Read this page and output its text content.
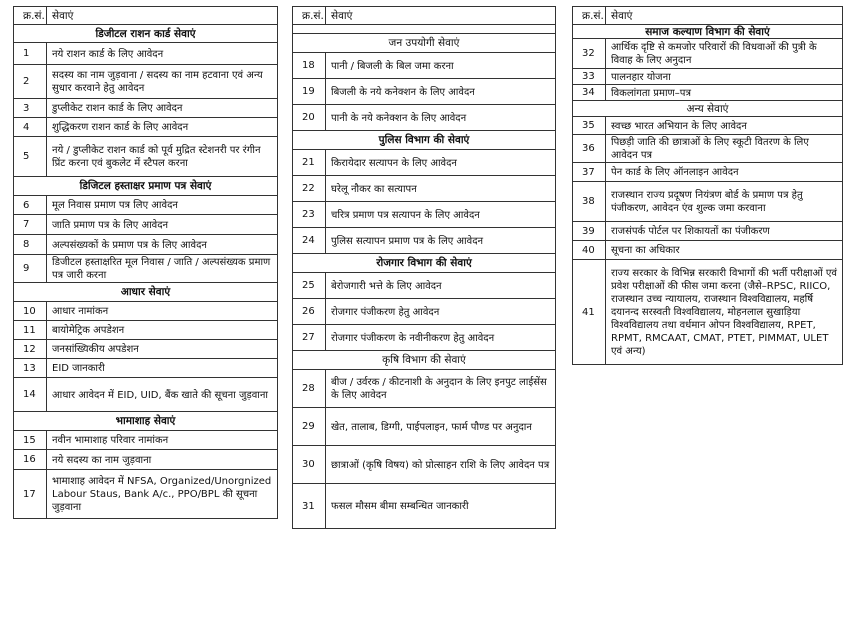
क्र.सं. सेवाएं
डिजीटल राशन कार्ड सेवाएं
1	नये राशन कार्ड के लिए आवेदन
2
सदस्य का नाम जुड़वाना / सदस्य का नाम हटवाना एवं अन्य सुधार करवाने हेतु आवेदन
3	डुप्लीकेट राशन कार्ड के लिए आवेदन
4	शुद्धिकरण राशन कार्ड के लिए आवेदन
5
नये / डुप्लीकेट राशन कार्ड को पूर्व मुद्रित स्टेशनरी पर रंगीन प्रिंट करना एवं बुकलेट में स्टैपल करना
डिजिटल हस्ताक्षर प्रमाण पत्र सेवाएं
6	मूल निवास प्रमाण पत्र लिए आवेदन
7	जाति प्रमाण पत्र के लिए आवेदन
8	अल्पसंख्यकों के प्रमाण पत्र के लिए आवेदन
9
डिजीटल हस्ताक्षरित मूल निवास / जाति / अल्पसंख्यक प्रमाण पत्र जारी करना
आधार सेवाएं
10	आधार नामांकन
11	बायोमेट्रिक अपडेशन
12	जनसांख्यिकीय अपडेशन
13	EID जानकारी
14	आधार आवेदन में EID, UID, बैंक खाते की सूचना जुड़वाना
भामाशाह सेवाएं
15	नवीन भामाशाह परिवार नामांकन
16	नये सदस्य का नाम जुड़वाना
17
भामाशाह आवेदन में NFSA, Organized/Unorgnized Labour Staus, Bank A/c., PPO/BPL की सूचना जुड़वाना
क्र.सं. सेवाएं
जन उपयोगी सेवाएं
18	पानी / बिजली के बिल जमा करना
19	बिजली के नये कनेक्शन के लिए आवेदन
20	पानी के नये कनेक्शन के लिए आवेदन
पुलिस विभाग की सेवाएं
21	किरायेदार सत्यापन के लिए आवेदन
22	घरेलू नौकर का सत्यापन
23	चरित्र प्रमाण पत्र सत्यापन के लिए आवेदन
24	पुलिस सत्यापन प्रमाण पत्र के लिए आवेदन
रोजगार विभाग की सेवाएं
25	बेरोजगारी भत्ते के लिए आवेदन
26	रोजगार पंजीकरण हेतु आवेदन
27	रोजगार पंजीकरण के नवीनीकरण हेतु आवेदन
कृषि विभाग की सेवाएं
28
बीज / उर्वरक / कीटनाशी के अनुदान के लिए इनपुट लाईसेंस के लिए आवेदन
29	खेत, तालाब, डिग्गी, पाईपलाइन, फार्म पौण्ड पर अनुदान
30	छात्राओं (कृषि विषय) को प्रोत्साहन राशि के लिए आवेदन पत्र
31	फसल मौसम बीमा सम्बन्धित जानकारी
क्र.सं. सेवाएं
समाज कल्याण विभाग की सेवाएं
32
आर्थिक दृष्टि से कमजोर परिवारों की विधवाओं की पुत्री के विवाह के लिए अनुदान
33	पालनहार योजना
34	विकलांगता प्रमाण–पत्र
अन्य सेवाएं
35	स्वच्छ भारत अभियान के लिए आवेदन
36
पिछड़ी जाति की छात्राओं के लिए स्कूटी वितरण के लिए आवेदन पत्र
37	पेन कार्ड के लिए ऑनलाइन आवेदन
38
राजस्थान राज्य प्रदूषण नियंत्रण बोर्ड के प्रमाण पत्र हेतु पंजीकरण, आवेदन एंव शुल्क जमा करवाना
39	राजसंपर्क पोर्टल पर शिकायतों का पंजीकरण
40	सूचना का अधिकार
41
राज्य सरकार के विभिन्न सरकारी विभागों की भर्ती परीक्षाओं एवं प्रवेश परीक्षाओं की फीस जमा करना (जैसे–RPSC, RIICO, राजस्थान उच्च न्यायालय, राजस्थान विश्वविद्यालय, महर्षि दयानन्द सरस्वती विश्वविद्यालय, मोहनलाल सुखाड़िया विश्वविद्यालय तथा वर्धमान ओपन विश्वविद्यालय, RPET, RPMT, RMCAAT, CMAT, PTET, PIMMAT, ULET एवं अन्य)
